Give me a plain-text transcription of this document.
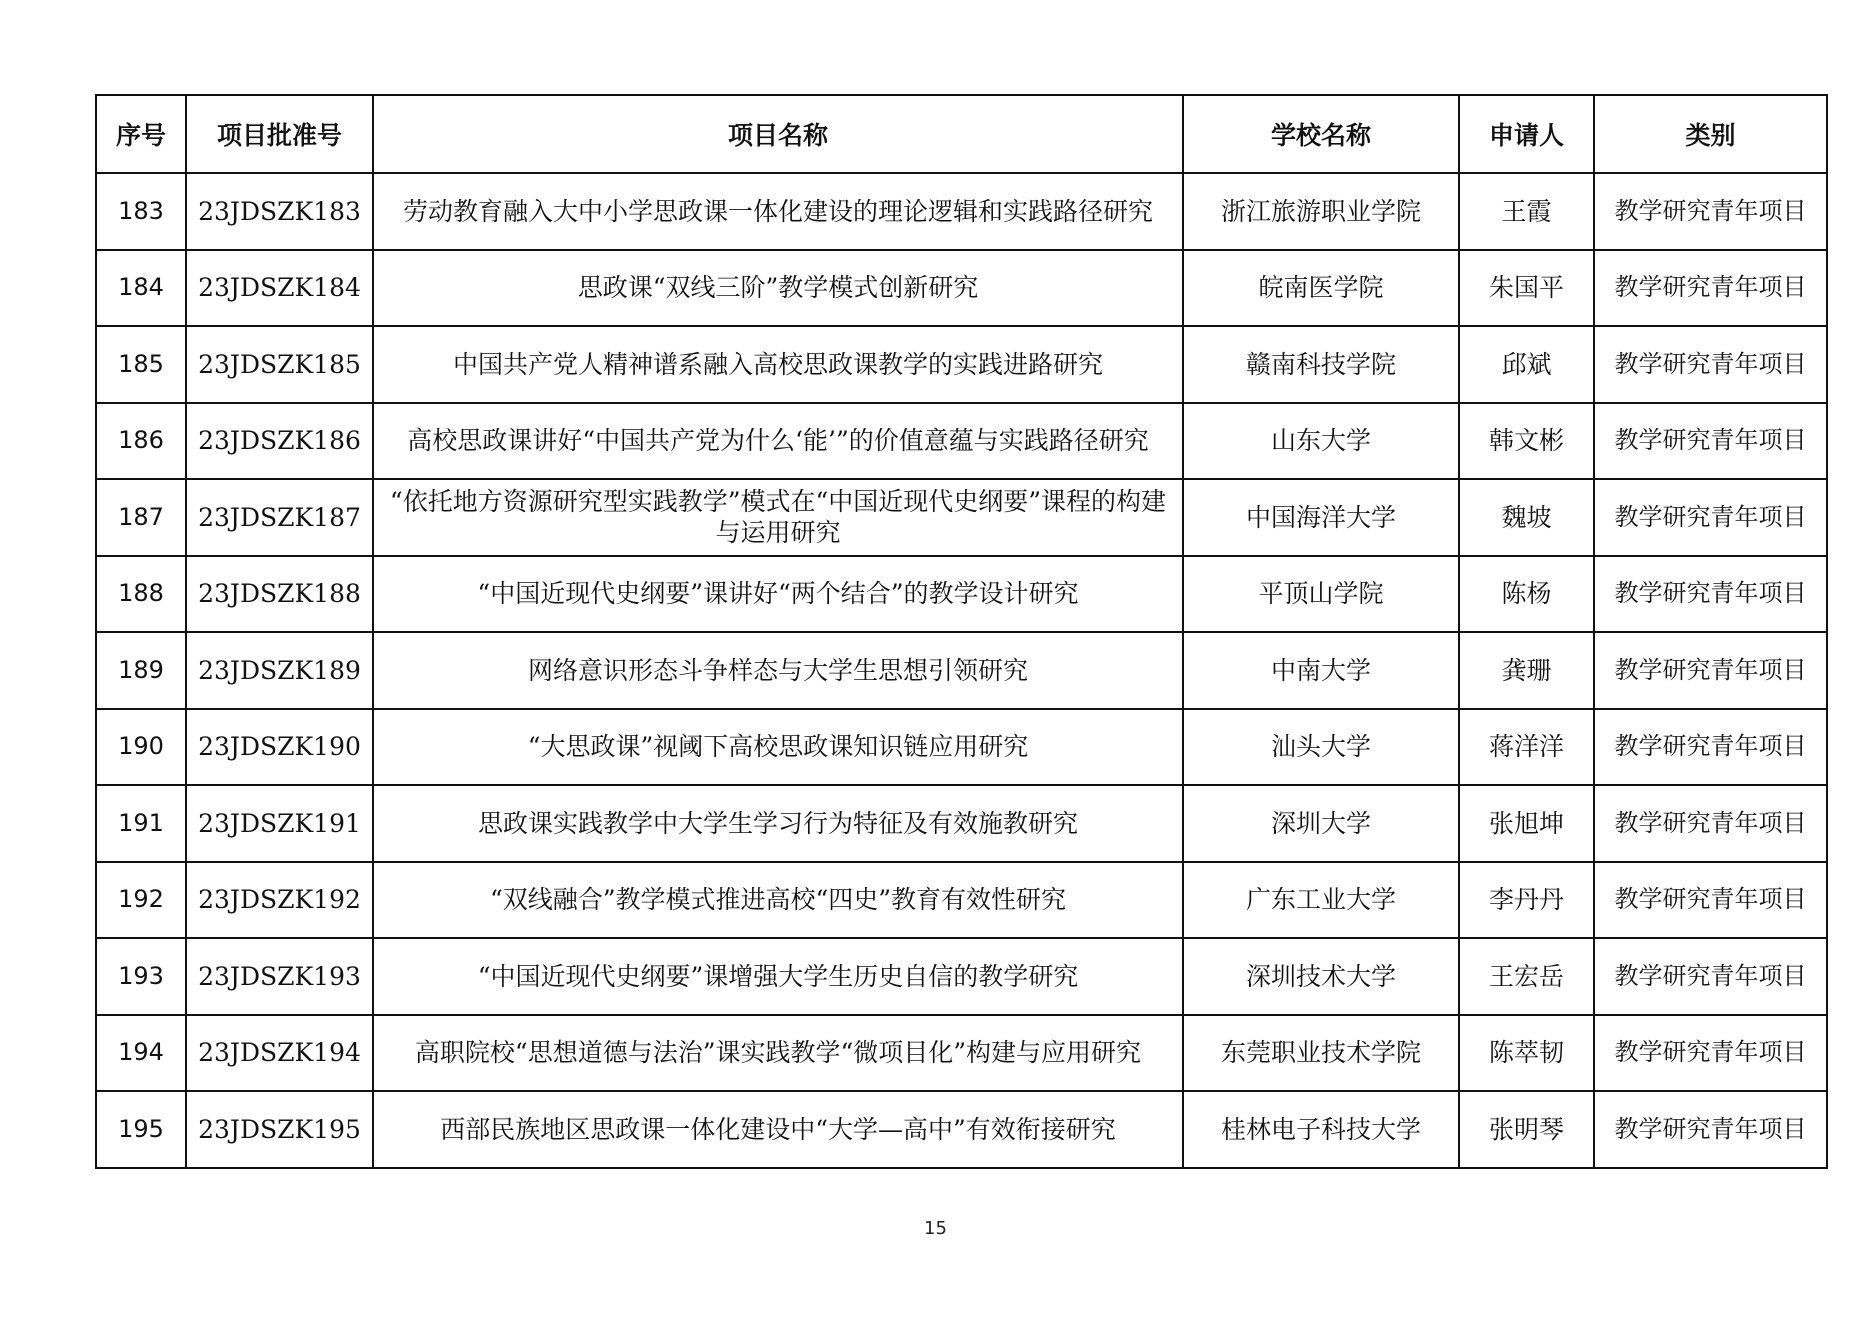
序号	项目批准号	项目名称	学校名称	申请人	类别
183	23JDSZK183	劳动教育融入大中小学思政课一体化建设的理论逻辑和实践路径研究	浙江旅游职业学院	王霞	教学研究青年项目
184	23JDSZK184	思政课“双线三阶”教学模式创新研究	皖南医学院	朱国平	教学研究青年项目
185	23JDSZK185	中国共产党人精神谱系融入高校思政课教学的实践进路研究	赣南科技学院	邱斌	教学研究青年项目
186	23JDSZK186	高校思政课讲好“中国共产党为什么‘能’”的价值意蕴与实践路径研究	山东大学	韩文彬	教学研究青年项目
187	23JDSZK187	“依托地方资源研究型实践教学”模式在“中国近现代史纲要”课程的构建与运用研究	中国海洋大学	魏坡	教学研究青年项目
188	23JDSZK188	“中国近现代史纲要”课讲好“两个结合”的教学设计研究	平顶山学院	陈杨	教学研究青年项目
189	23JDSZK189	网络意识形态斗争样态与大学生思想引领研究	中南大学	龚珊	教学研究青年项目
190	23JDSZK190	“大思政课”视阈下高校思政课知识链应用研究	汕头大学	蒋洋洋	教学研究青年项目
191	23JDSZK191	思政课实践教学中大学生学习行为特征及有效施教研究	深圳大学	张旭坤	教学研究青年项目
192	23JDSZK192	“双线融合”教学模式推进高校“四史”教育有效性研究	广东工业大学	李丹丹	教学研究青年项目
193	23JDSZK193	“中国近现代史纲要”课增强大学生历史自信的教学研究	深圳技术大学	王宏岳	教学研究青年项目
194	23JDSZK194	高职院校“思想道德与法治”课实践教学“微项目化”构建与应用研究	东莞职业技术学院	陈萃韧	教学研究青年项目
195	23JDSZK195	西部民族地区思政课一体化建设中“大学—高中”有效衔接研究	桂林电子科技大学	张明琴	教学研究青年项目
15
